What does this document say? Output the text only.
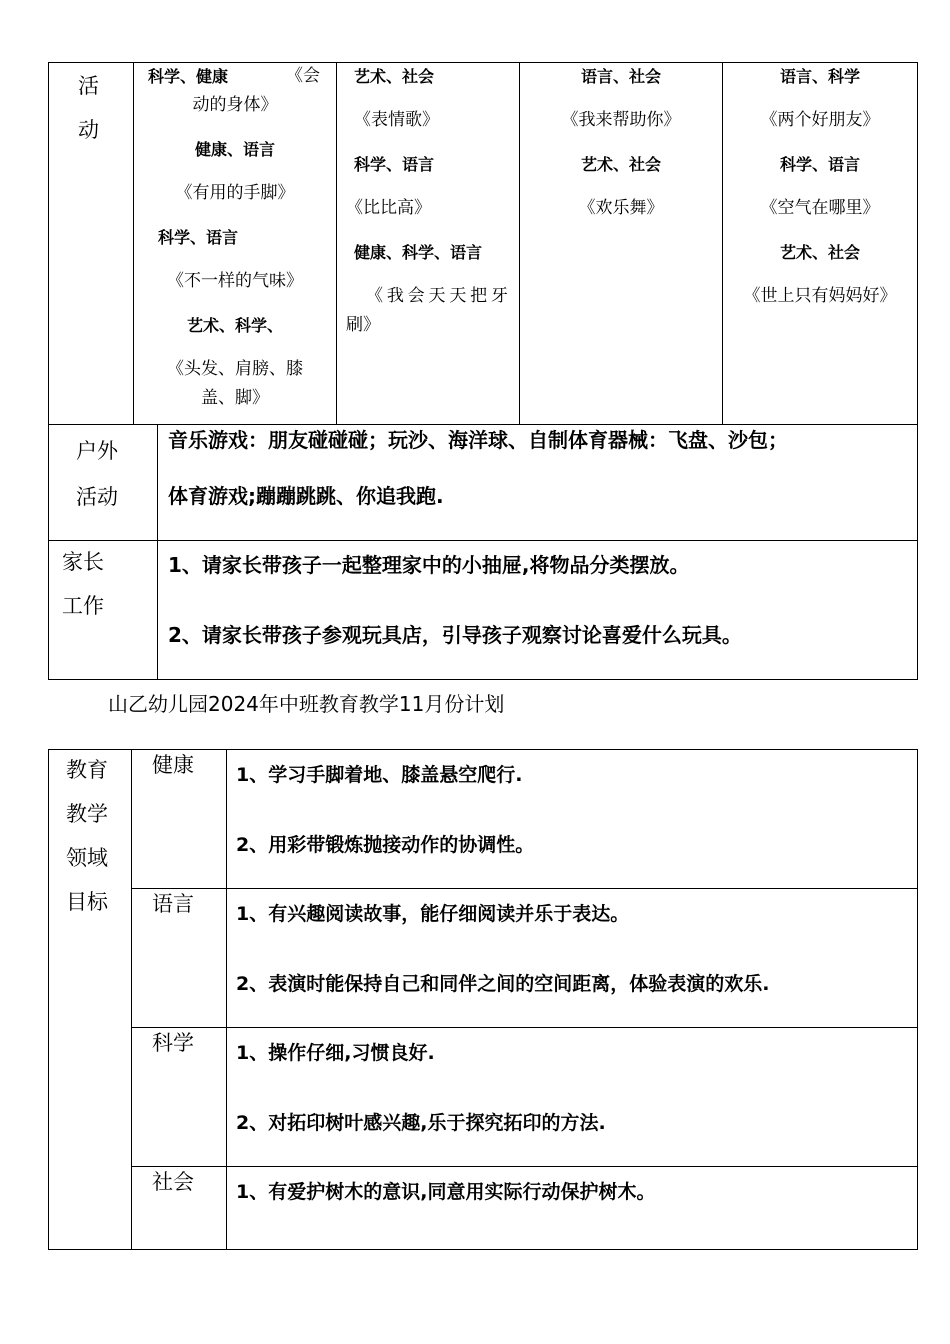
活
动
科学、健康	《会
动的身体》
健康、语言
《有用的手脚》
科学、语言
《不一样的气味》
艺术、科学、
《头发、肩膀、膝
盖、脚》
艺术、社会
《表情歌》
科学、语言
《比比高》
健康、科学、语言
《我会天天把牙
刷》
语言、社会
《我来帮助你》
艺术、社会
《欢乐舞》
语言、科学
《两个好朋友》
科学、语言
《空气在哪里》
艺术、社会
《世上只有妈妈好》
户外
活动
音乐游戏：朋友碰碰碰；玩沙、海洋球、自制体育器械：飞盘、沙包；
体育游戏;蹦蹦跳跳、你追我跑.
家长
工作
1、请家长带孩子一起整理家中的小抽屉,将物品分类摆放。
2、请家长带孩子参观玩具店，引导孩子观察讨论喜爱什么玩具。
山乙幼儿园2024年中班教育教学11月份计划
教育
教学
领域
目标
健康 1、学习手脚着地、膝盖悬空爬行.
2、用彩带锻炼抛接动作的协调性。
语言 1、有兴趣阅读故事，能仔细阅读并乐于表达。
2、表演时能保持自己和同伴之间的空间距离，体验表演的欢乐.
科学 1、操作仔细,习惯良好.
2、对拓印树叶感兴趣,乐于探究拓印的方法.
社会 1、有爱护树木的意识,同意用实际行动保护树木。
